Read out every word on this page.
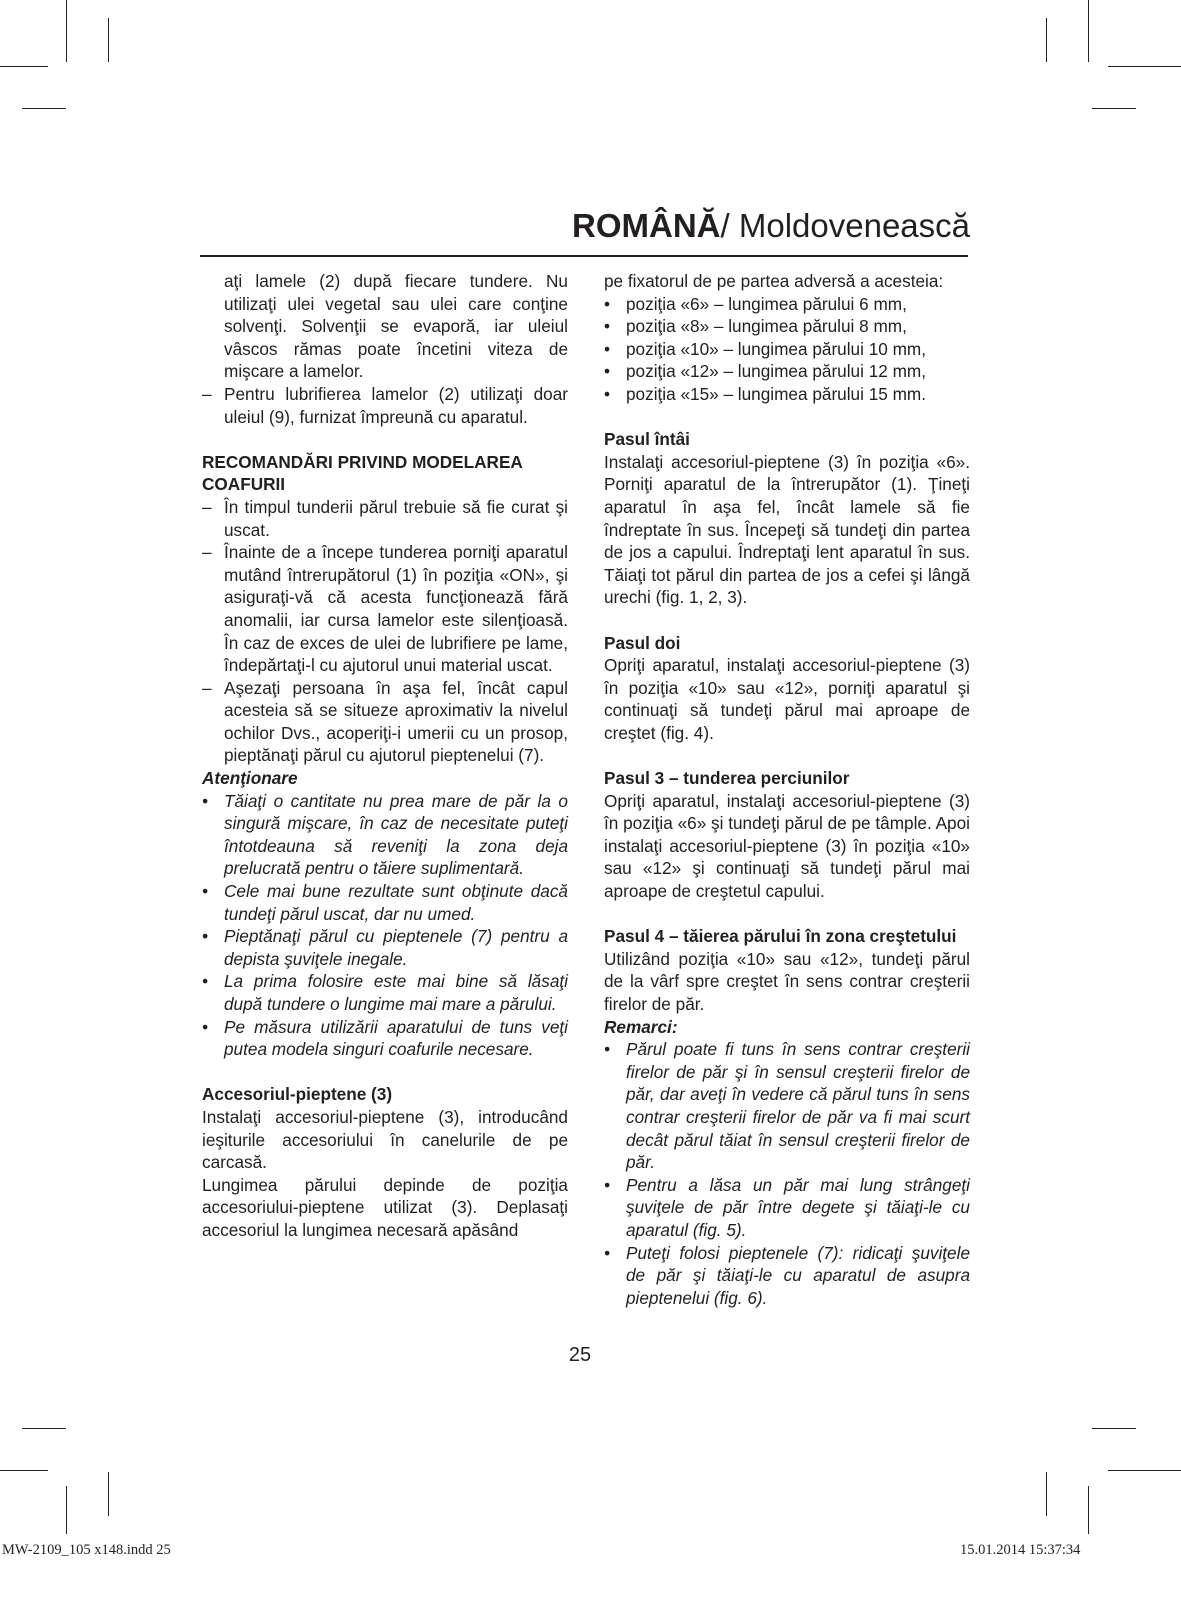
ROMÂNĂ/ Moldovenească
aţi lamele (2) după fiecare tundere. Nu utilizaţi ulei vegetal sau ulei care conţine solvenţi. Solvenţii se evaporă, iar uleiul vâscos rămas poate încetini viteza de mişcare a lamelor.
– Pentru lubrifierea lamelor (2) utilizaţi doar uleiul (9), furnizat împreună cu aparatul.
RECOMANDĂRI PRIVIND MODELAREA COAFURII
– În timpul tunderii părul trebuie să fie curat şi uscat.
– Înainte de a începe tunderea porniţi aparatul mutând întrerupătorul (1) în poziţia «ON», şi asiguraţi-vă că acesta funcţionează fără anomalii, iar cursa lamelor este silenţioasă. În caz de exces de ulei de lubrifiere pe lame, îndepărtaţi-l cu ajutorul unui material uscat.
– Aşezaţi persoana în aşa fel, încât capul acesteia să se situeze aproximativ la nivelul ochilor Dvs., acoperiţi-i umerii cu un prosop, pieptănaţi părul cu ajutorul pieptenelui (7).
Atenţionare
• Tăiaţi o cantitate nu prea mare de păr la o singură mişcare, în caz de necesitate puteţi întotdeauna să reveniţi la zona deja prelucrată pentru o tăiere suplimentară.
• Cele mai bune rezultate sunt obţinute dacă tundeţi părul uscat, dar nu umed.
• Pieptănaţi părul cu pieptenele (7) pentru a depista şuviţele inegale.
• La prima folosire este mai bine să lăsaţi după tundere o lungime mai mare a părului.
• Pe măsura utilizării aparatului de tuns veţi putea modela singuri coafurile necesare.
Accesoriul-pieptene (3)
Instalaţi accesoriul-pieptene (3), introducând ieşiturile accesoriului în canelurile de pe carcasă.
Lungimea părului depinde de poziţia accesoriului-pieptene utilizat (3). Deplasaţi accesoriul la lungimea necesară apăsând
pe fixatorul de pe partea adversă a acesteia:
• poziţia «6» – lungimea părului 6 mm,
• poziţia «8» – lungimea părului 8 mm,
• poziţia «10» – lungimea părului 10 mm,
• poziţia «12» – lungimea părului 12 mm,
• poziţia «15» – lungimea părului 15 mm.
Pasul întâi
Instalaţi accesoriul-pieptene (3) în poziţia «6». Porniţi aparatul de la întrerupător (1). Ţineţi aparatul în aşa fel, încât lamele să fie îndreptate în sus. Începeţi să tundeţi din partea de jos a capului. Îndreptaţi lent aparatul în sus. Tăiaţi tot părul din partea de jos a cefei şi lângă urechi (fig. 1, 2, 3).
Pasul doi
Opriţi aparatul, instalaţi accesoriul-pieptene (3) în poziţia «10» sau «12», porniţi aparatul şi continuaţi să tundeţi părul mai aproape de creştet (fig. 4).
Pasul 3 – tunderea perciunilor
Opriţi aparatul, instalaţi accesoriul-pieptene (3) în poziţia «6» şi tundeţi părul de pe tâmple. Apoi instalaţi accesoriul-pieptene (3) în poziţia «10» sau «12» şi continuaţi să tundeţi părul mai aproape de creştetul capului.
Pasul 4 – tăierea părului în zona creştetului
Utilizând poziţia «10» sau «12», tundeţi părul de la vârf spre creştet în sens contrar creşterii firelor de păr.
Remarci:
• Părul poate fi tuns în sens contrar creşterii firelor de păr şi în sensul creşterii firelor de păr, dar aveţi în vedere că părul tuns în sens contrar creşterii firelor de păr va fi mai scurt decât părul tăiat în sensul creşterii firelor de păr.
• Pentru a lăsa un păr mai lung strângeţi şuviţele de păr între degete şi tăiaţi-le cu aparatul (fig. 5).
• Puteţi folosi pieptenele (7): ridicaţi şuviţele de păr şi tăiaţi-le cu aparatul de asupra pieptenelui (fig. 6).
25
MW-2109_105 x148.indd 25	15.01.2014 15:37:34
